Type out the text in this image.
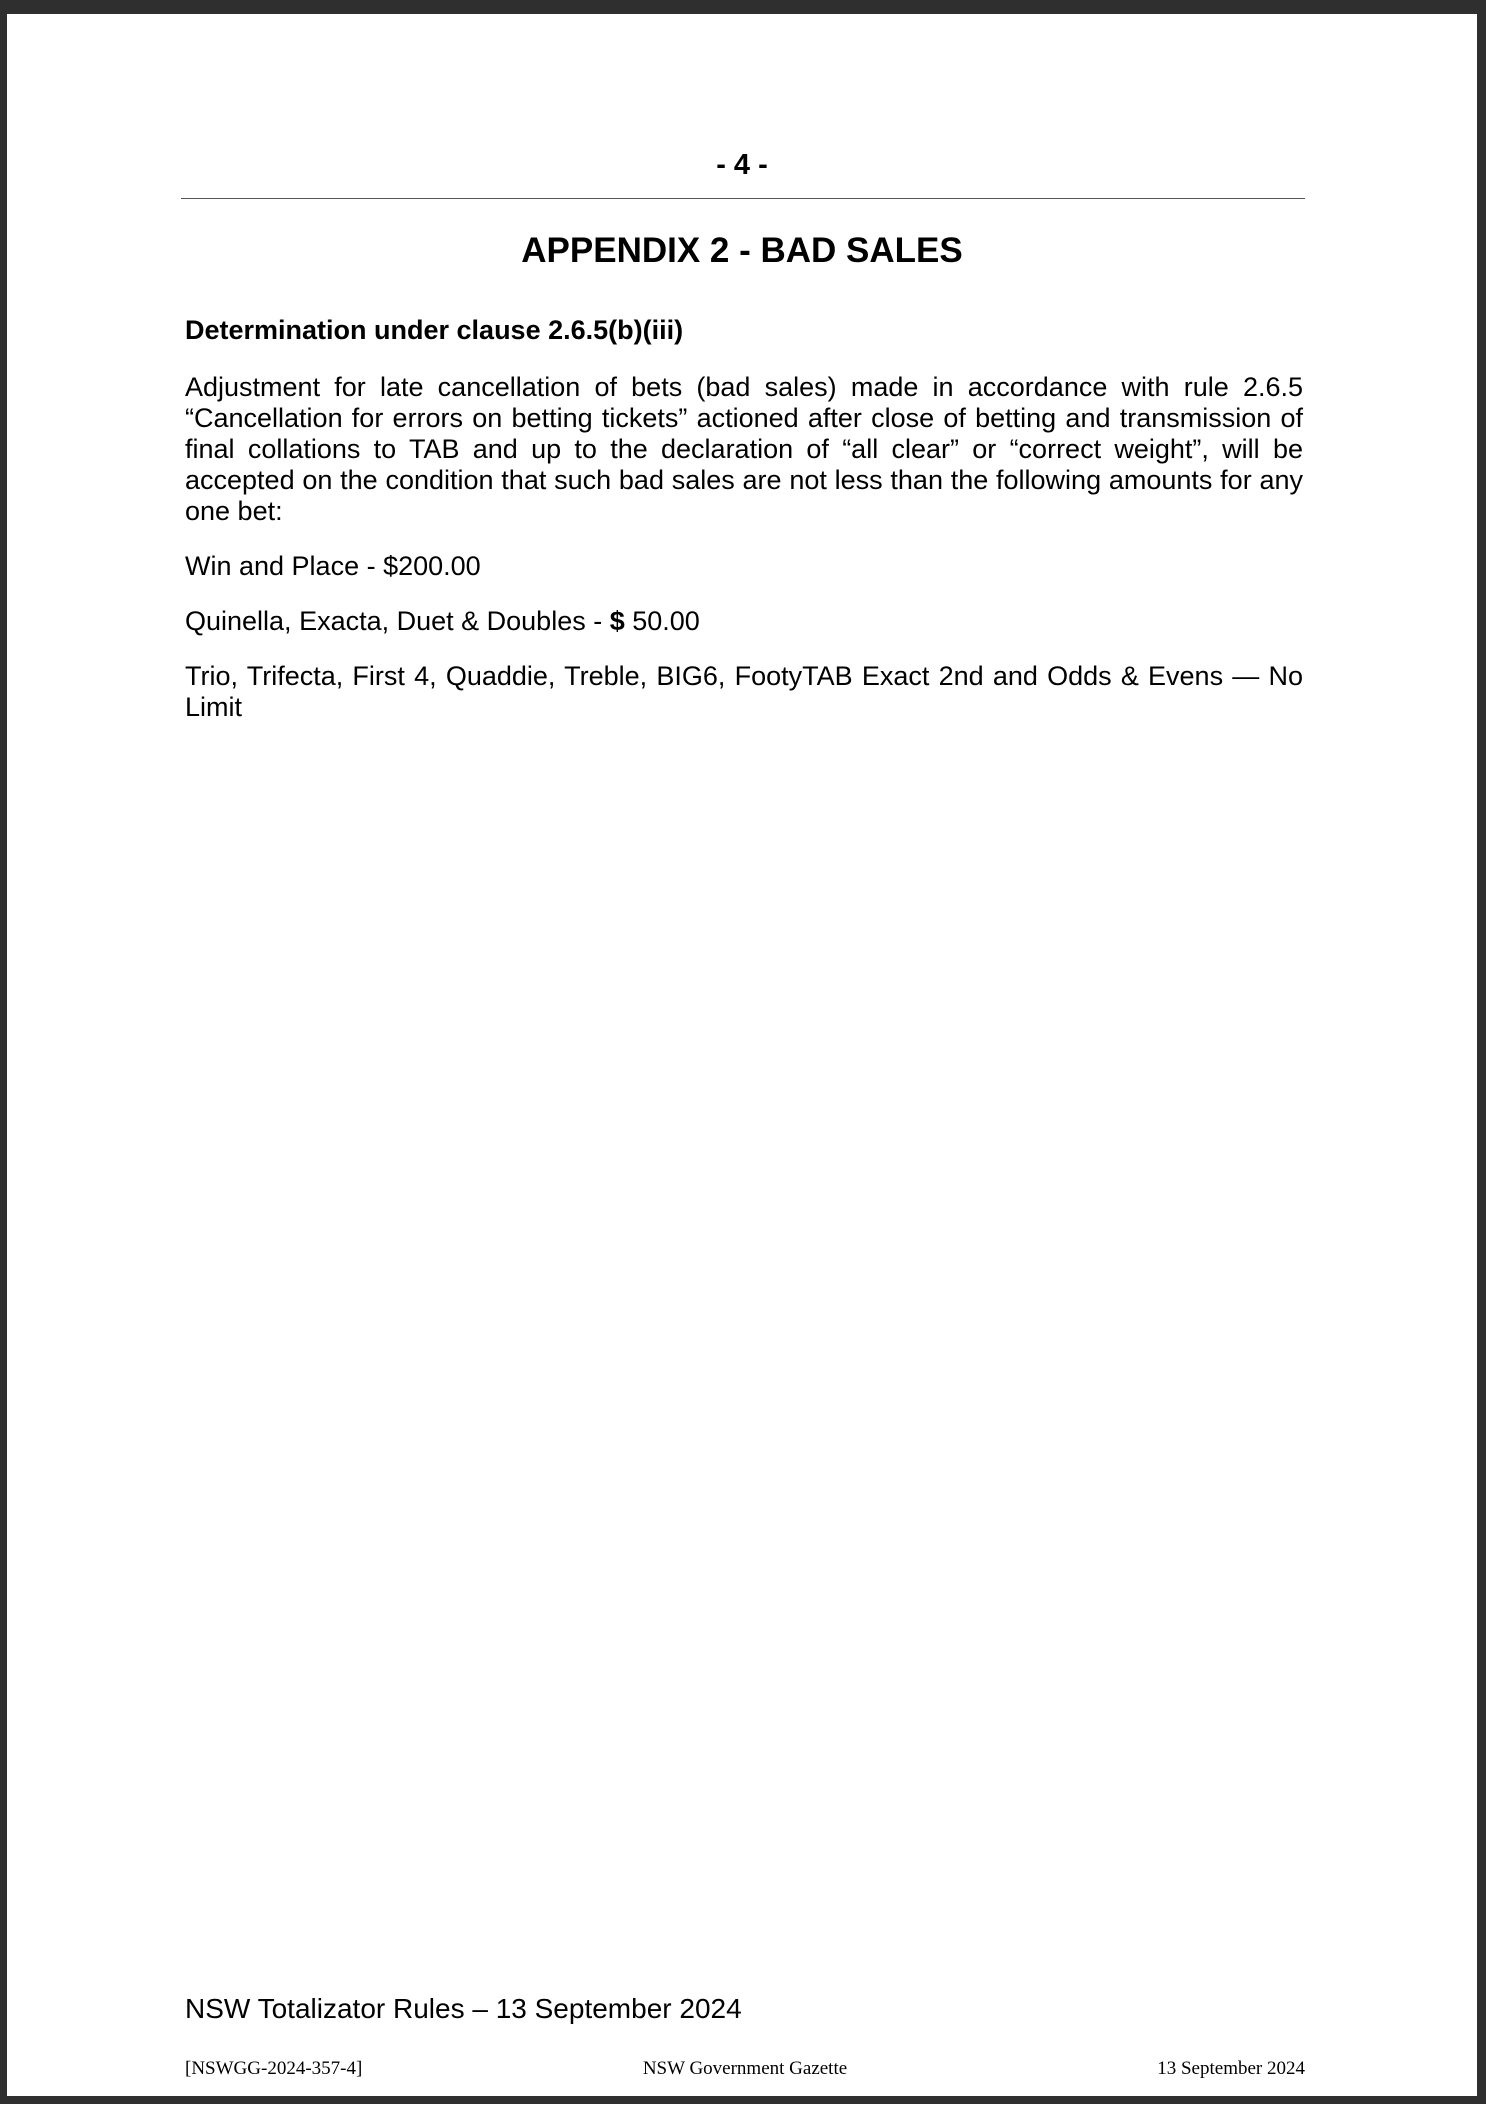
- 4 -
APPENDIX 2 - BAD SALES

Determination under clause 2.6.5(b)(iii)

Adjustment for late cancellation of bets (bad sales) made in accordance with rule 2.6.5 “Cancellation for errors on betting tickets” actioned after close of betting and transmission of final collations to TAB and up to the declaration of “all clear” or “correct weight”, will be accepted on the condition that such bad sales are not less than the following amounts for any one bet:

Win and Place - $200.00

Quinella, Exacta, Duet & Doubles - $ 50.00

Trio, Trifecta, First 4, Quaddie, Treble, BIG6, FootyTAB Exact 2nd and Odds & Evens — No Limit

NSW Totalizator Rules – 13 September 2024
[NSWGG-2024-357-4]	NSW Government Gazette	13 September 2024
